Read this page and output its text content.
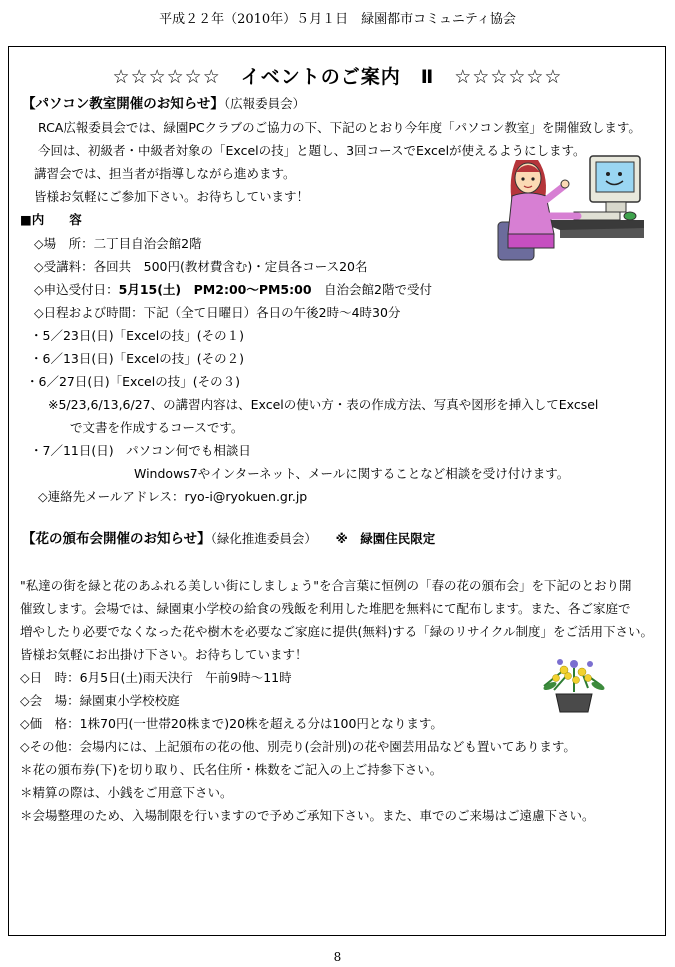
平成２２年（2010年）５月１日　緑園都市コミュニティ協会
☆☆☆☆☆☆　イベントのご案内　Ⅱ　☆☆☆☆☆☆
【パソコン教室開催のお知らせ】（広報委員会）
RCA広報委員会では、緑園PCクラブのご協力の下、下記のとおり今年度「パソコン教室」を開催致します。
今回は、初級者・中級者対象の「Excelの技」と題し、3回コースでExcelが使えるようにします。
講習会では、担当者が指導しながら進めます。
皆様お気軽にご参加下さい。お待ちしています！
■内　　容
◇場　所：二丁目自治会館2階
◇受講料：各回共　500円(教材費含む)・定員各コース20名
◇申込受付日：5月15(土)　PM2:00〜PM5:00　 自治会館2階で受付
◇日程および時間：下記（全て日曜日）各日の午後2時〜4時30分
・5／23日(日)「Excelの技」(その１)
・6／13日(日)「Excelの技」(その２)
・6／27日(日)「Excelの技」(その３)
※5/23,6/13,6/27、の講習内容は、Excelの使い方・表の作成方法、写真や図形を挿入してExcsel
で文書を作成するコースです。
・7／11日(日)　パソコン何でも相談日
Windows7やインターネット、メールに関することなど相談を受け付けます。
◇連絡先メールアドレス：ryo-i@ryokuen.gr.jp
【花の頒布会開催のお知らせ】（緑化推進委員会）　　 ※　緑園住民限定
"私達の街を緑と花のあふれる美しい街にしましょう"を合言葉に恒例の「春の花の頒布会」を下記のとおり開
催致します。会場では、緑園東小学校の給食の残飯を利用した堆肥を無料にて配布します。また、各ご家庭で
増やしたり必要でなくなった花や樹木を必要なご家庭に提供(無料)する「緑のリサイクル制度」をご活用下さい。
皆様お気軽にお出掛け下さい。お待ちしています！
◇日　時：6月5日(土)雨天決行　午前9時〜11時
◇会　場：緑園東小学校校庭
◇価　格：1株70円(一世帯20株まで)20株を超える分は100円となります。
◇その他：会場内には、上記頒布の花の他、別売り(会計別)の花や園芸用品なども置いてあります。
＊花の頒布券(下)を切り取り、氏名住所・株数をご記入の上ご持参下さい。
＊精算の際は、小銭をご用意下さい。
＊会場整理のため、入場制限を行いますので予めご承知下さい。また、車でのご来場はご遠慮下さい。
8
